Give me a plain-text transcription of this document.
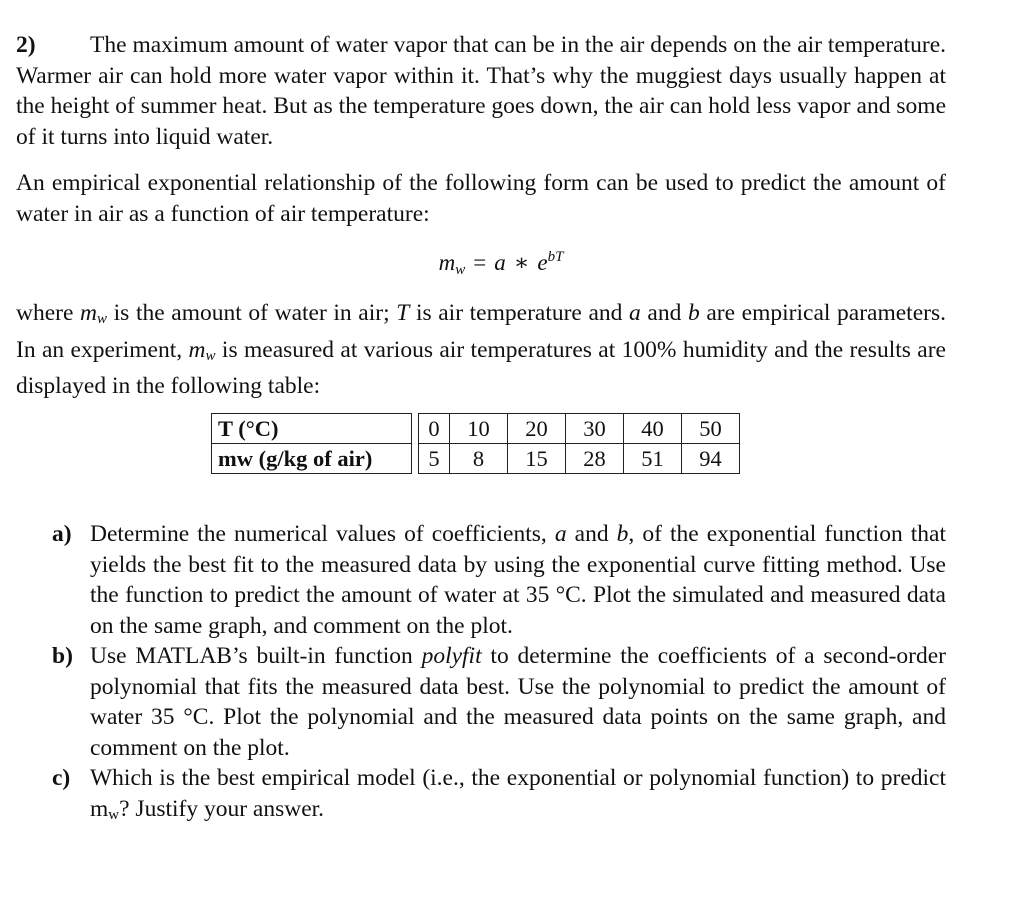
2) The maximum amount of water vapor that can be in the air depends on the air temperature. Warmer air can hold more water vapor within it. That’s why the muggiest days usually happen at the height of summer heat. But as the temperature goes down, the air can hold less vapor and some of it turns into liquid water.

An empirical exponential relationship of the following form can be used to predict the amount of water in air as a function of air temperature:

$m_w = a$ ∗ $e^{bT}$

where mw is the amount of water in air; T is air temperature and a and b are empirical parameters. In an experiment, mw is measured at various air temperatures at 100% humidity and the results are displayed in the following table:

T (°C)		0	10	20	30	40	50
mw (g/kg of air)		5	8	15	28	51	94
a) Determine the numerical values of coefficients, a and b, of the exponential function that yields the best fit to the measured data by using the exponential curve fitting method. Use the function to predict the amount of water at 35 °C. Plot the simulated and measured data on the same graph, and comment on the plot.
b) Use MATLAB’s built-in function polyfit to determine the coefficients of a second-order polynomial that fits the measured data best. Use the polynomial to predict the amount of water 35 °C. Plot the polynomial and the measured data points on the same graph, and comment on the plot.
c) Which is the best empirical model (i.e., the exponential or polynomial function) to predict mw? Justify your answer.
